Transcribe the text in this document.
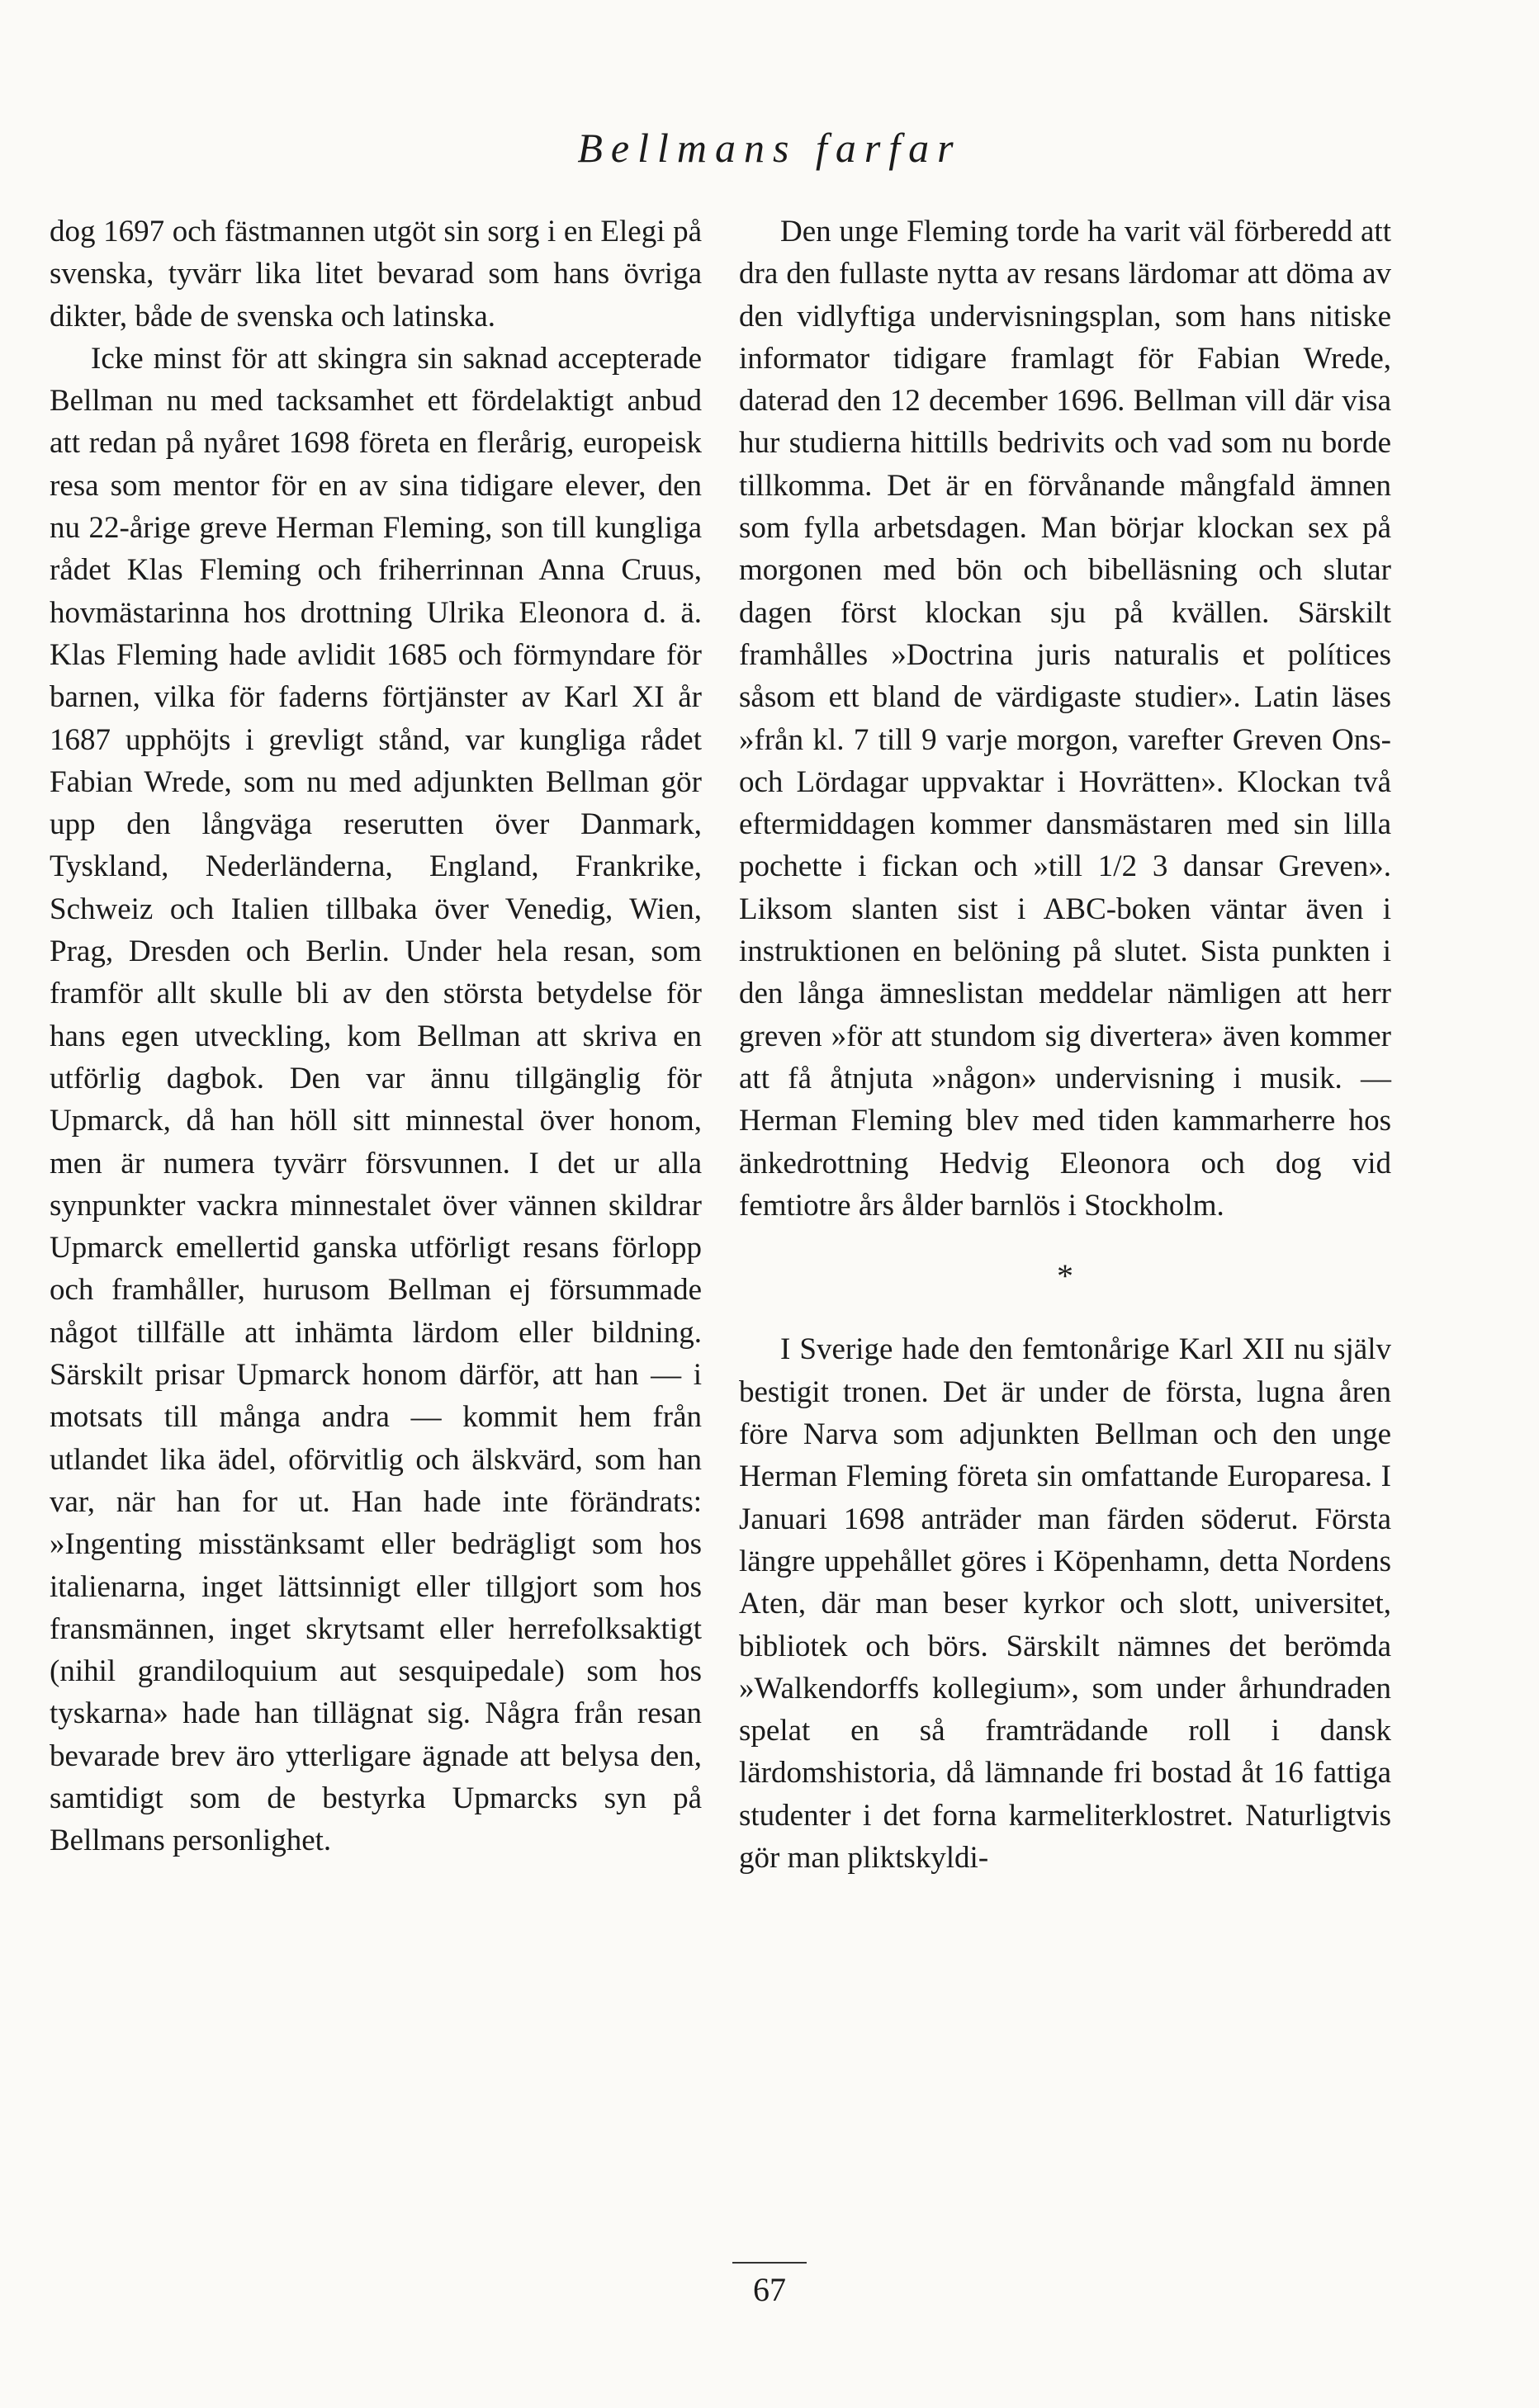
Bellmans farfar

dog 1697 och fästmannen utgöt sin sorg i en Elegi på svenska, tyvärr lika litet bevarad som hans övriga dikter, både de svenska och latinska.

Icke minst för att skingra sin saknad accepterade Bellman nu med tacksamhet ett fördelaktigt anbud att redan på nyåret 1698 företa en flerårig, europeisk resa som mentor för en av sina tidigare elever, den nu 22-årige greve Herman Fleming, son till kungliga rådet Klas Fleming och friherrinnan Anna Cruus, hovmästarinna hos drottning Ulrika Eleonora d. ä. Klas Fleming hade avlidit 1685 och förmyndare för barnen, vilka för faderns förtjänster av Karl XI år 1687 upphöjts i grevligt stånd, var kungliga rådet Fabian Wrede, som nu med adjunkten Bellman gör upp den långväga reserutten över Danmark, Tyskland, Nederländerna, England, Frankrike, Schweiz och Italien tillbaka över Venedig, Wien, Prag, Dresden och Berlin. Under hela resan, som framför allt skulle bli av den största betydelse för hans egen utveckling, kom Bellman att skriva en utförlig dagbok. Den var ännu tillgänglig för Upmarck, då han höll sitt minnestal över honom, men är numera tyvärr försvunnen. I det ur alla synpunkter vackra minnestalet över vännen skildrar Upmarck emellertid ganska utförligt resans förlopp och framhåller, hurusom Bellman ej försummade något tillfälle att inhämta lärdom eller bildning. Särskilt prisar Upmarck honom därför, att han — i motsats till många andra — kommit hem från utlandet lika ädel, oförvitlig och älskvärd, som han var, när han for ut. Han hade inte förändrats: »Ingenting misstänksamt eller bedrägligt som hos italienarna, inget lättsinnigt eller tillgjort som hos fransmännen, inget skrytsamt eller herrefolksaktigt (nihil grandiloquium aut sesquipedale) som hos tyskarna» hade han tillägnat sig. Några från resan bevarade brev äro ytterligare ägnade att belysa den, samtidigt som de bestyrka Upmarcks syn på Bellmans personlighet.

Den unge Fleming torde ha varit väl förberedd att dra den fullaste nytta av resans lärdomar att döma av den vidlyftiga undervisningsplan, som hans nitiske informator tidigare framlagt för Fabian Wrede, daterad den 12 december 1696. Bellman vill där visa hur studierna hittills bedrivits och vad som nu borde tillkomma. Det är en förvånande mångfald ämnen som fylla arbetsdagen. Man börjar klockan sex på morgonen med bön och bibelläsning och slutar dagen först klockan sju på kvällen. Särskilt framhålles »Doctrina juris naturalis et polítices såsom ett bland de värdigaste studier». Latin läses »från kl. 7 till 9 varje morgon, varefter Greven Ons- och Lördagar uppvaktar i Hovrätten». Klockan två eftermiddagen kommer dansmästaren med sin lilla pochette i fickan och »till 1/2 3 dansar Greven». Liksom slanten sist i ABC-boken väntar även i instruktionen en belöning på slutet. Sista punkten i den långa ämneslistan meddelar nämligen att herr greven »för att stundom sig divertera» även kommer att få åtnjuta »någon» undervisning i musik. — Herman Fleming blev med tiden kammarherre hos änkedrottning Hedvig Eleonora och dog vid femtiotre års ålder barnlös i Stockholm.

*

I Sverige hade den femtonårige Karl XII nu själv bestigit tronen. Det är under de första, lugna åren före Narva som adjunkten Bellman och den unge Herman Fleming företa sin omfattande Europaresa. I Januari 1698 anträder man färden söderut. Första längre uppehållet göres i Köpenhamn, detta Nordens Aten, där man beser kyrkor och slott, universitet, bibliotek och börs. Särskilt nämnes det berömda »Walkendorffs kollegium», som under århundraden spelat en så framträdande roll i dansk lärdomshistoria, då lämnande fri bostad åt 16 fattiga studenter i det forna karmeliterklostret. Naturligtvis gör man pliktskyldi-

67
